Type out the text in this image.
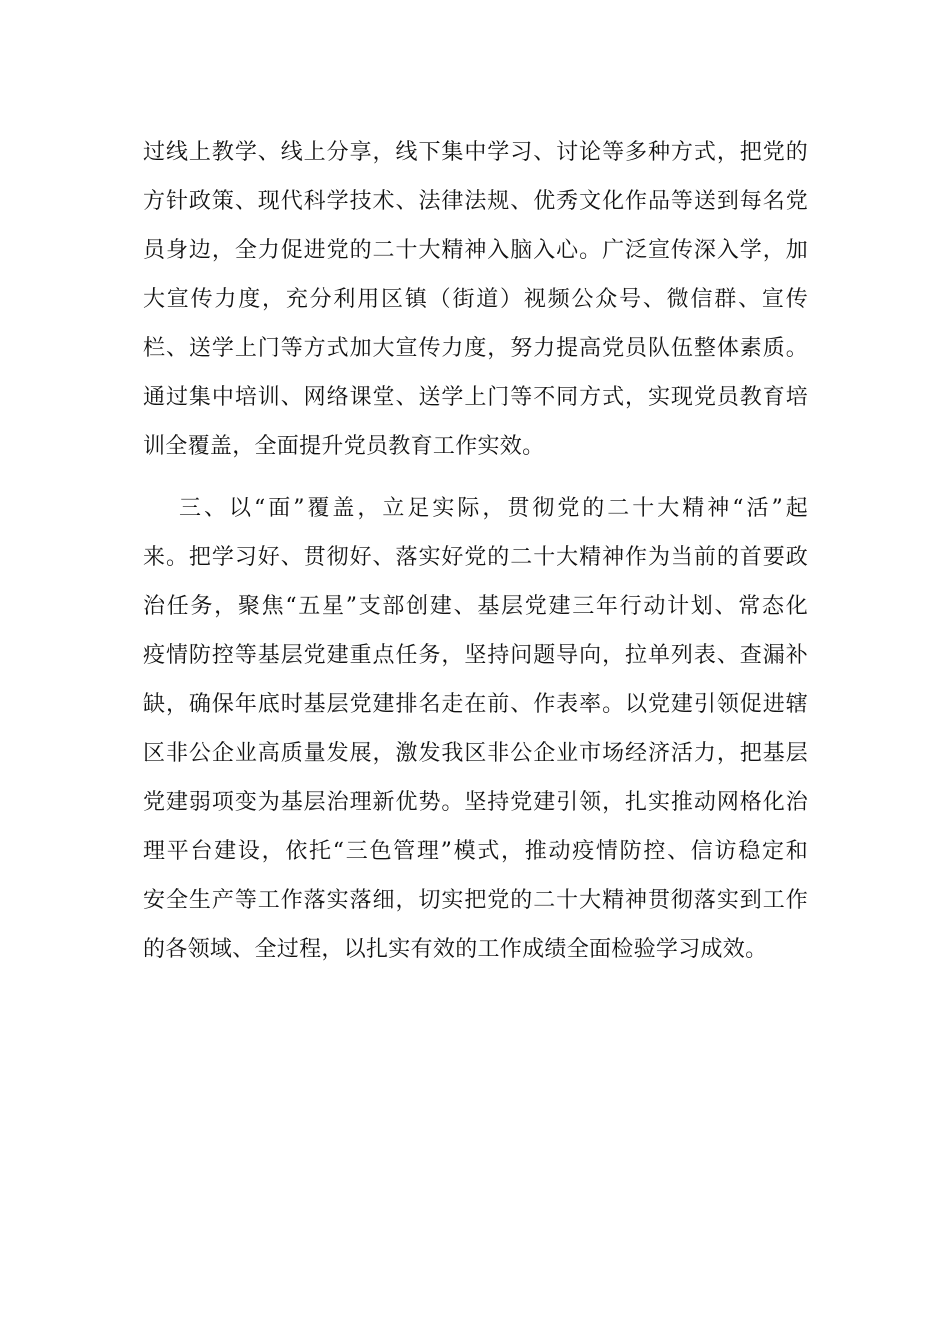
过线上教学、线上分享，线下集中学习、讨论等多种方式，把党的
方针政策、现代科学技术、法律法规、优秀文化作品等送到每名党
员身边，全力促进党的二十大精神入脑入心。广泛宣传深入学，加
大宣传力度，充分利用区镇（街道）视频公众号、微信群、宣传
栏、送学上门等方式加大宣传力度，努力提高党员队伍整体素质。
通过集中培训、网络课堂、送学上门等不同方式，实现党员教育培
训全覆盖，全面提升党员教育工作实效。
三、以“面”覆盖，立足实际，贯彻党的二十大精神“活”起
来。把学习好、贯彻好、落实好党的二十大精神作为当前的首要政
治任务，聚焦“五星”支部创建、基层党建三年行动计划、常态化
疫情防控等基层党建重点任务，坚持问题导向，拉单列表、查漏补
缺，确保年底时基层党建排名走在前、作表率。以党建引领促进辖
区非公企业高质量发展，激发我区非公企业市场经济活力，把基层
党建弱项变为基层治理新优势。坚持党建引领，扎实推动网格化治
理平台建设，依托“三色管理”模式，推动疫情防控、信访稳定和
安全生产等工作落实落细，切实把党的二十大精神贯彻落实到工作
的各领域、全过程，以扎实有效的工作成绩全面检验学习成效。
